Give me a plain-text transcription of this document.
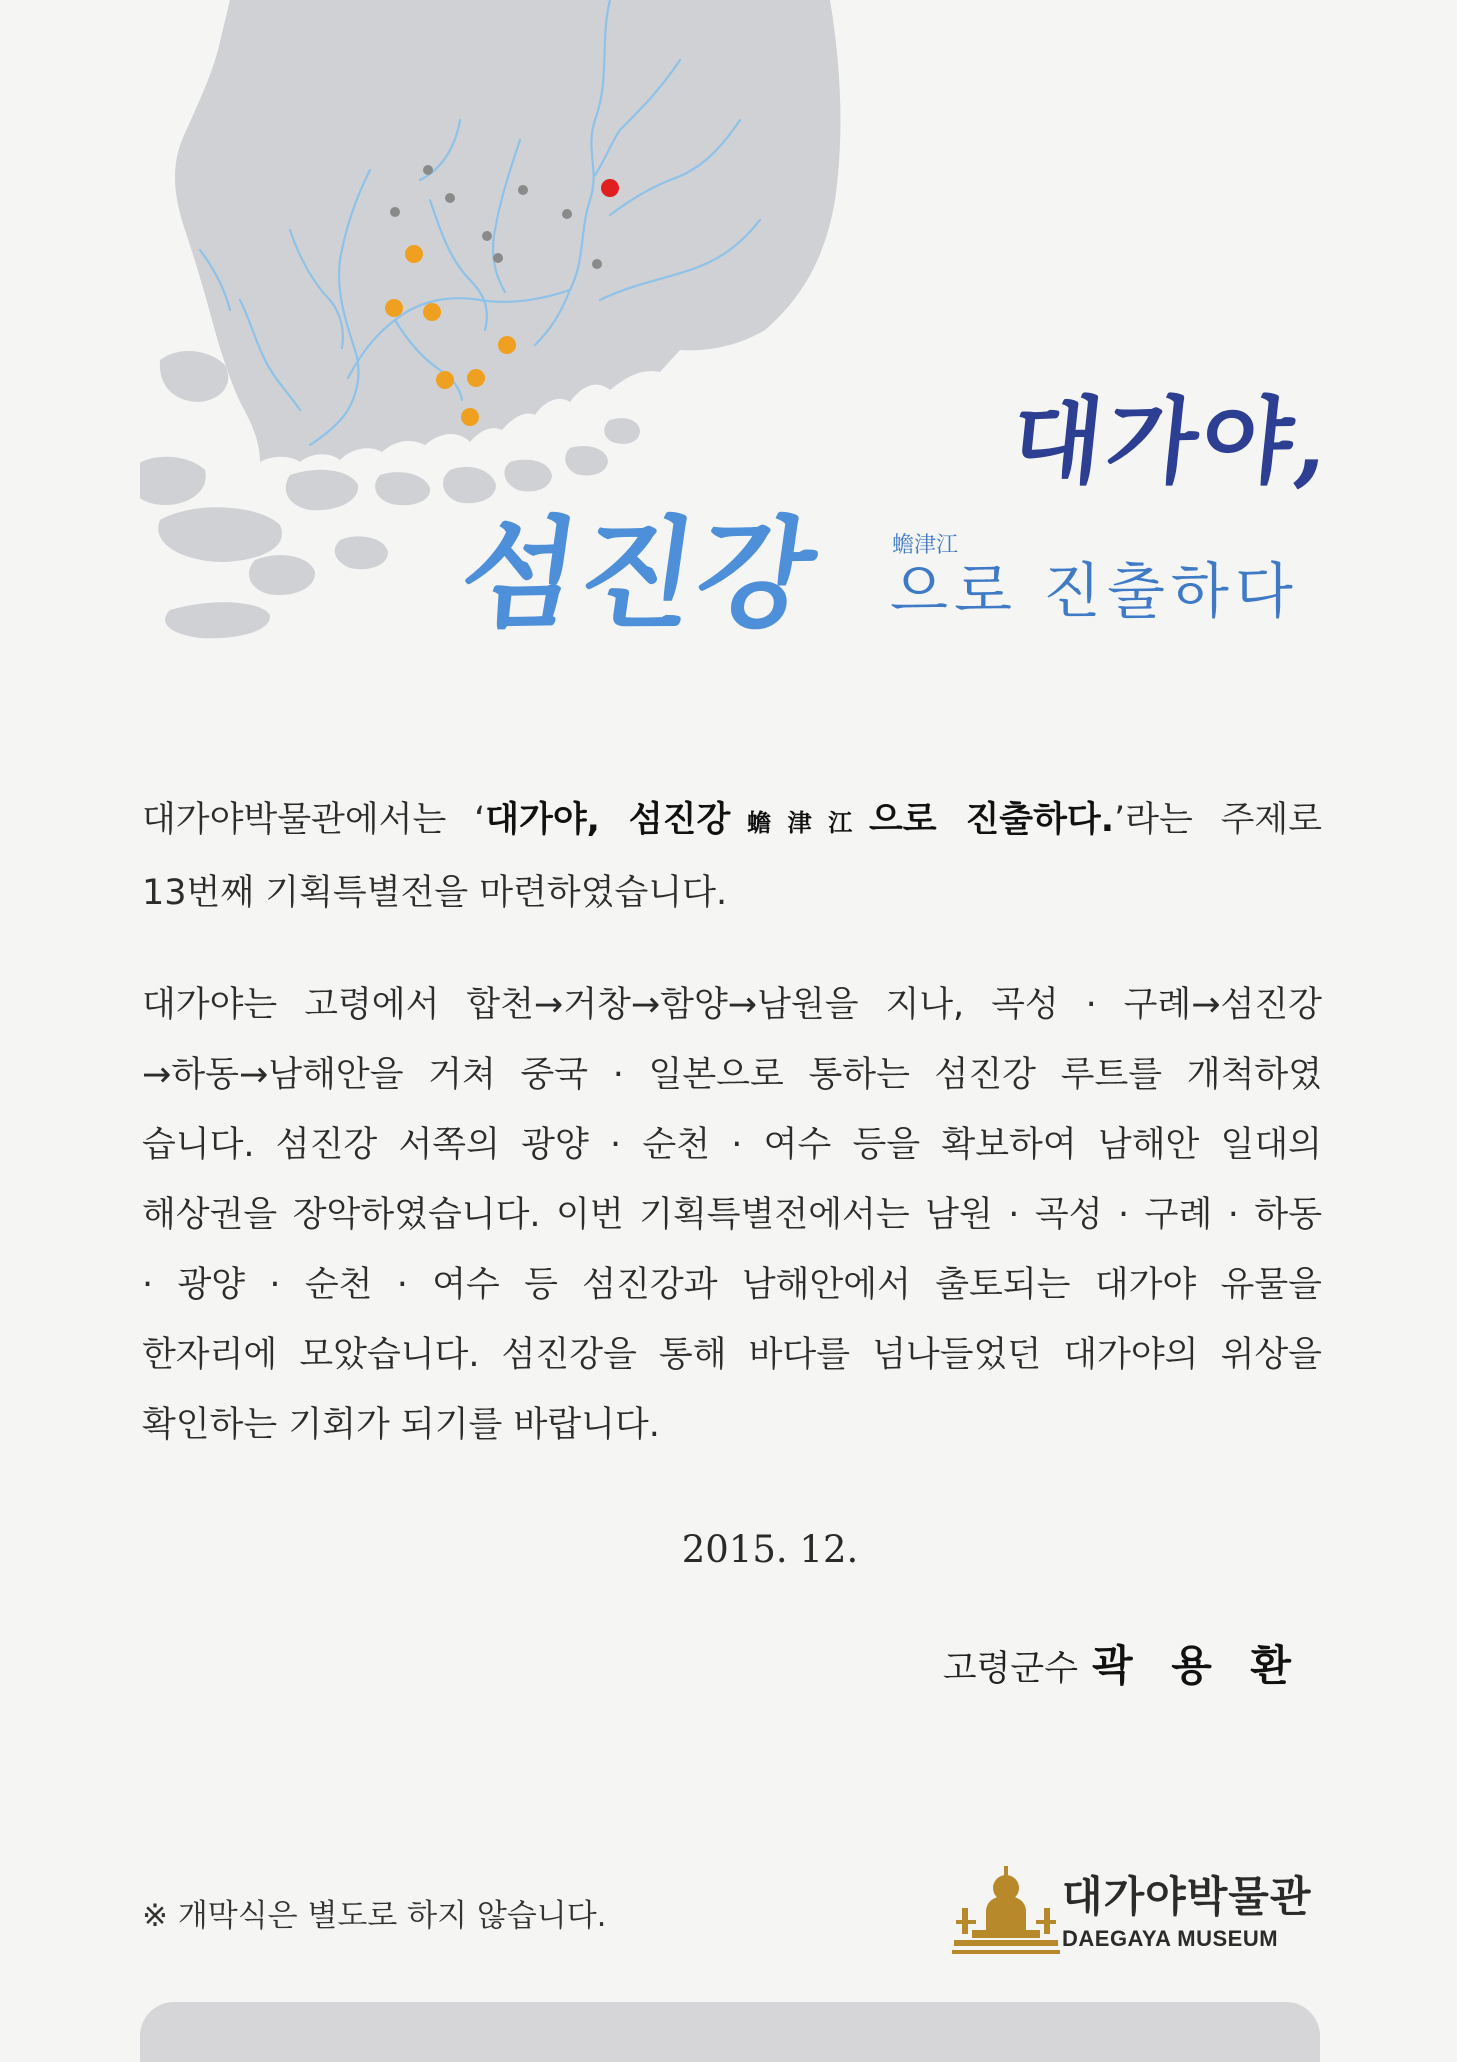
대가야,
섬진강	蟾津江
으로 진출하다
대가야박물관에서는 ‘대가야, 섬진강蟾津江으로 진출하다.’라는 주제로
13번째 기획특별전을 마련하였습니다.
대가야는 고령에서 합천→거창→함양→남원을 지나, 곡성 · 구례→섬진강
→하동→남해안을 거쳐 중국 · 일본으로 통하는 섬진강 루트를 개척하였
습니다. 섬진강 서쪽의 광양 · 순천 · 여수 등을 확보하여 남해안 일대의
해상권을 장악하였습니다. 이번 기획특별전에서는 남원 · 곡성 · 구례 · 하동
· 광양 · 순천 · 여수 등 섬진강과 남해안에서 출토되는 대가야 유물을
한자리에 모았습니다. 섬진강을 통해 바다를 넘나들었던 대가야의 위상을
확인하는 기회가 되기를 바랍니다.
2015. 12.
고령군수 곽 용 환
※ 개막식은 별도로 하지 않습니다.	대가야박물관
DAEGAYA MUSEUM
